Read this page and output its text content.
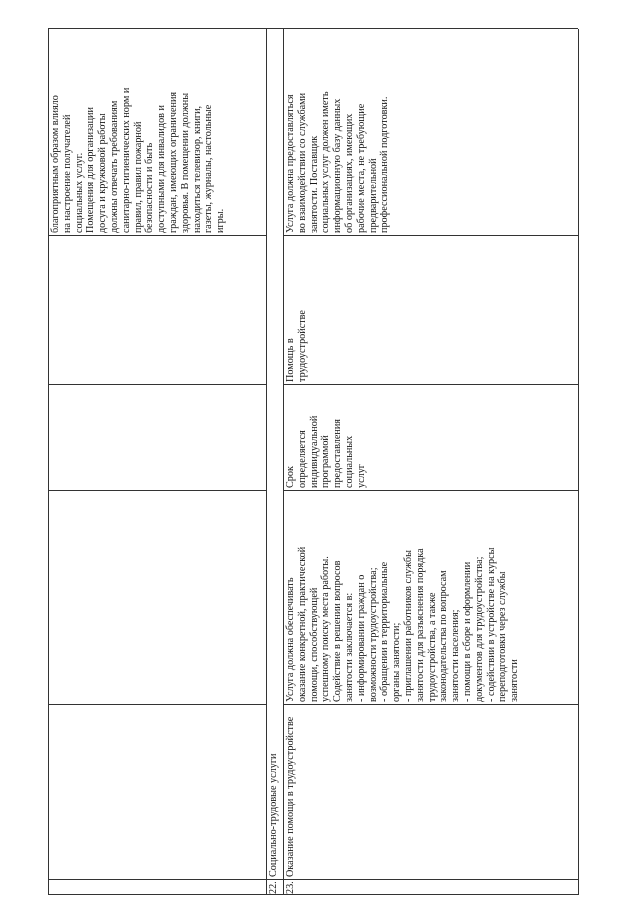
благоприятным образом влияло на настроение получателей социальных услуг. Помещения для организации досуга и кружковой работы должны отвечать требованиям санитарно-гигиенических норм и правил, правил пожарной безопасности и быть доступными для инвалидов и граждан, имеющих ограничения здоровья. В помещении должны находиться телевизор, книги, газеты, журналы, настольные игры.
22.
Социально-трудовые услуги
23.
Оказание помощи в трудоустройстве
Услуга должна обеспечивать оказание конкретной, практической помощи, способствующей успешному поиску места работы. Содействие в решении вопросов занятости заключается в: - информировании граждан о возможности трудоустройства; - обращении в территориальные органы занятости; - приглашении работников службы занятости для разъяснения порядка трудоустройства, а также законодательства по вопросам занятости населения; - помощи в сборе и оформлении документов для трудоустройства; - содействии в устройстве на курсы переподготовки через службы занятости
Срок определяется индивидуальной программой предоставления социальных услуг
Помощь в трудоустройстве
Услуга должна предоставляться во взаимодействии со службами занятости. Поставщик социальных услуг должен иметь информационную базу данных об организациях, имеющих рабочие места, не требующие предварительной профессиональной подготовки.
